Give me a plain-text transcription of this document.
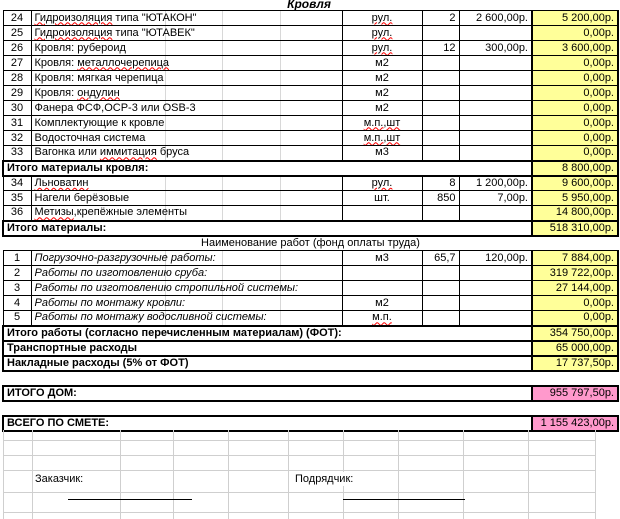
Кровля
24	Гидроизоляция типа "ЮТАКОН"	рул.	2	2 600,00р.	5 200,00р.
25	Гидроизоляция типа "ЮТАВЕК"	рул.			0,00р.
26	Кровля: рубероид	рул.	12	300,00р.	3 600,00р.
27	Кровля: металлочерепица	м2			0,00р.
28	Кровля: мягкая черепица	м2			0,00р.
29	Кровля: ондулин	м2			0,00р.
30	Фанера ФСФ,ОСР-3 или OSB-3	м2			0,00р.
31	Комплектующие к кровле	м.п.,шт			0,00р.
32	Водосточная система	м.п.,шт			0,00р.
33	Вагонка или иммитация бруса	м3			0,00р.
Итого материалы кровля:					8 800,00р.
34	Льноватин	рул.	8	1 200,00р.	9 600,00р.
35	Нагели берёзовые	шт.	850	7,00р.	5 950,00р.
36	Метизы,крепёжные элементы				14 800,00р.
Итого материалы:					518 310,00р.
Наименование работ (фонд оплаты труда)					
1	Погрузочно-разгрузочные работы:	м3	65,7	120,00р.	7 884,00р.
2	Работы по изготовлению сруба:				319 722,00р.
3	Работы по изготовлению стропильной системы:				27 144,00р.
4	Работы по монтажу кровли:	м2			0,00р.
5	Работы по монтажу водосливной системы:	м.п.			0,00р.
Итого работы (согласно перечисленным материалам) (ФОТ):					354 750,00р.
Транспортные расходы					65 000,00р.
Накладные расходы (5% от ФОТ)					17 737,50р.

ИТОГО ДОМ:					955 797,50р.

ВСЕГО ПО СМЕТЕ:					1 155 423,00р.
Заказчик:	Подрядчик:
